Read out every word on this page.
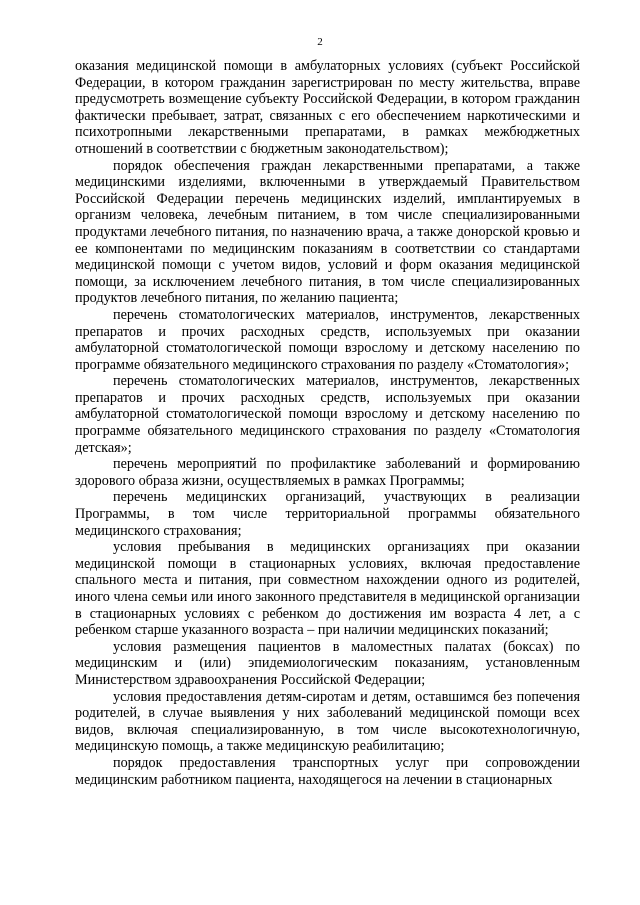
2

оказания медицинской помощи в амбулаторных условиях (субъект Российской Федерации, в котором гражданин зарегистрирован по месту жительства, вправе предусмотреть возмещение субъекту Российской Федерации, в котором гражданин фактически пребывает, затрат, связанных с его обеспечением наркотическими и психотропными лекарственными препаратами, в рамках межбюджетных отношений в соответствии с бюджетным законодательством);

порядок обеспечения граждан лекарственными препаратами, а также медицинскими изделиями, включенными в утверждаемый Правительством Российской Федерации перечень медицинских изделий, имплантируемых в организм человека, лечебным питанием, в том числе специализированными продуктами лечебного питания, по назначению врача, а также донорской кровью и ее компонентами по медицинским показаниям в соответствии со стандартами медицинской помощи с учетом видов, условий и форм оказания медицинской помощи, за исключением лечебного питания, в том числе специализированных продуктов лечебного питания, по желанию пациента;

перечень стоматологических материалов, инструментов, лекарственных препаратов и прочих расходных средств, используемых при оказании амбулаторной стоматологической помощи взрослому и детскому населению по программе обязательного медицинского страхования по разделу «Стоматология»;

перечень стоматологических материалов, инструментов, лекарственных препаратов и прочих расходных средств, используемых при оказании амбулаторной стоматологической помощи взрослому и детскому населению по программе обязательного медицинского страхования по разделу «Стоматология детская»;

перечень мероприятий по профилактике заболеваний и формированию здорового образа жизни, осуществляемых в рамках Программы;

перечень медицинских организаций, участвующих в реализации Программы, в том числе территориальной программы обязательного медицинского страхования;

условия пребывания в медицинских организациях при оказании медицинской помощи в стационарных условиях, включая предоставление спального места и питания, при совместном нахождении одного из родителей, иного члена семьи или иного законного представителя в медицинской организации в стационарных условиях с ребенком до достижения им возраста 4 лет, а с ребенком старше указанного возраста – при наличии медицинских показаний;

условия размещения пациентов в маломестных палатах (боксах) по медицинским и (или) эпидемиологическим показаниям, установленным Министерством здравоохранения Российской Федерации;

условия предоставления детям-сиротам и детям, оставшимся без попечения родителей, в случае выявления у них заболеваний медицинской помощи всех видов, включая специализированную, в том числе высокотехнологичную, медицинскую помощь, а также медицинскую реабилитацию;

порядок предоставления транспортных услуг при сопровождении медицинским работником пациента, находящегося на лечении в стационарных
